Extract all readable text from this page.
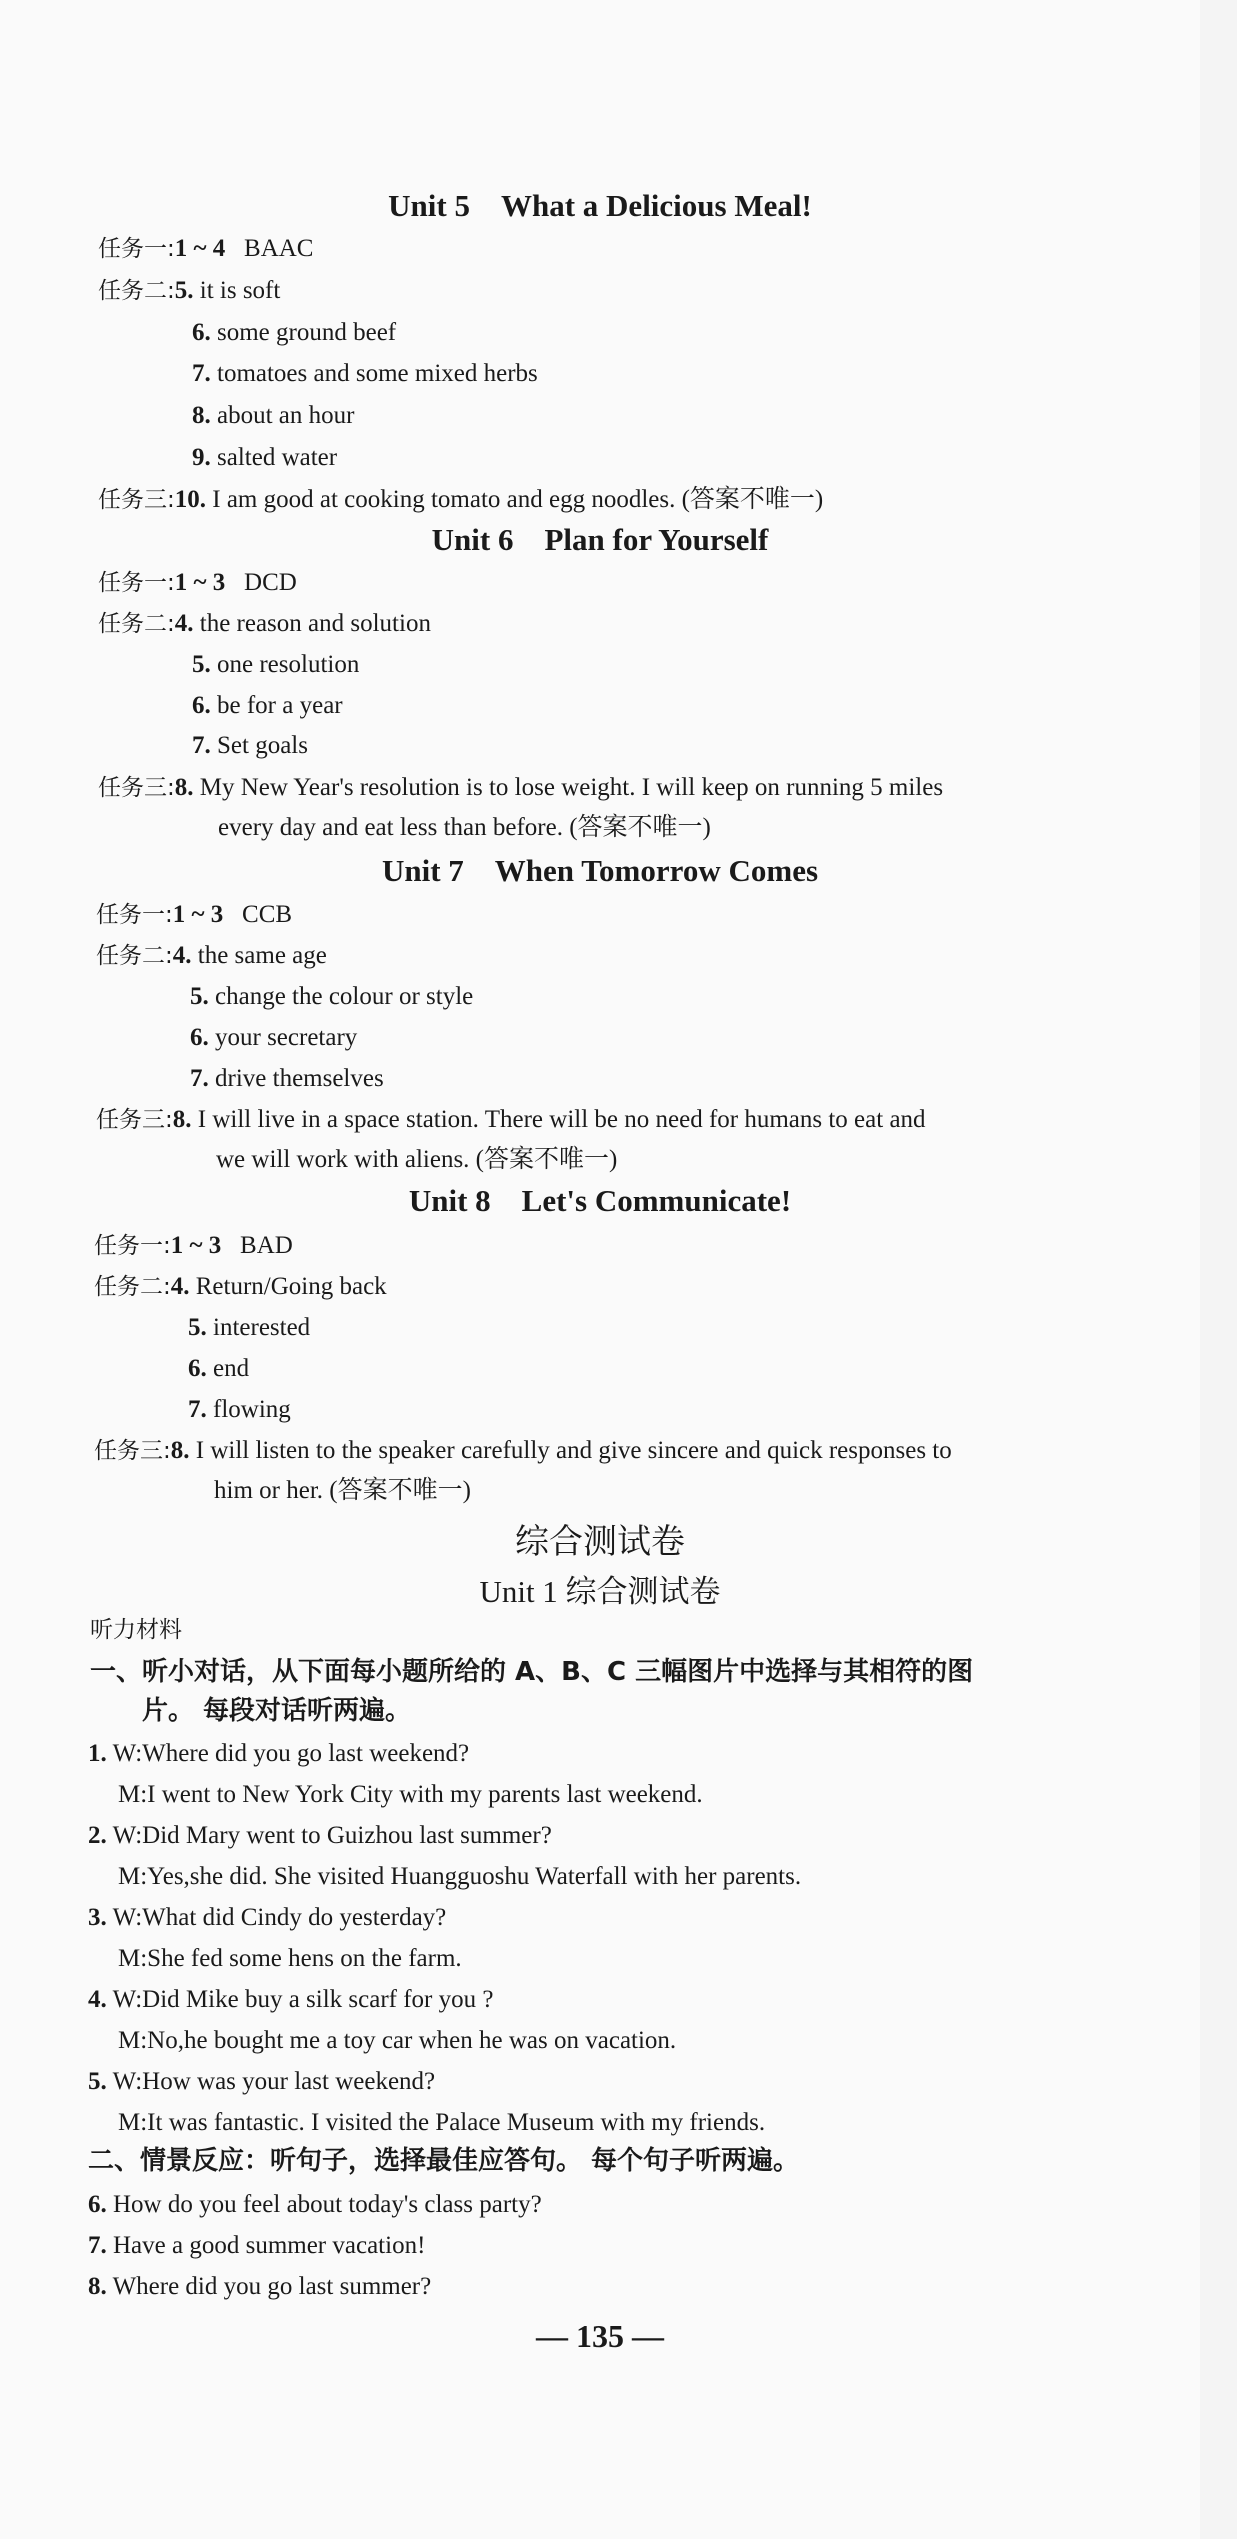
Unit 5 What a Delicious Meal!
任务一:1 ~ 4 BAAC
任务二:5. it is soft
6. some ground beef
7. tomatoes and some mixed herbs
8. about an hour
9. salted water
任务三:10. I am good at cooking tomato and egg noodles. (答案不唯一)
Unit 6 Plan for Yourself
任务一:1 ~ 3 DCD
任务二:4. the reason and solution
5. one resolution
6. be for a year
7. Set goals
任务三:8. My New Year's resolution is to lose weight. I will keep on running 5 miles
every day and eat less than before. (答案不唯一)
Unit 7 When Tomorrow Comes
任务一:1 ~ 3 CCB
任务二:4. the same age
5. change the colour or style
6. your secretary
7. drive themselves
任务三:8. I will live in a space station. There will be no need for humans to eat and
we will work with aliens. (答案不唯一)
Unit 8 Let's Communicate!
任务一:1 ~ 3 BAD
任务二:4. Return/Going back
5. interested
6. end
7. flowing
任务三:8. I will listen to the speaker carefully and give sincere and quick responses to
him or her. (答案不唯一)
综合测试卷
Unit 1 综合测试卷
听力材料
一、听小对话，从下面每小题所给的 A、B、C 三幅图片中选择与其相符的图
片。 每段对话听两遍。
1. W:Where did you go last weekend?
M:I went to New York City with my parents last weekend.
2. W:Did Mary went to Guizhou last summer?
M:Yes,she did. She visited Huangguoshu Waterfall with her parents.
3. W:What did Cindy do yesterday?
M:She fed some hens on the farm.
4. W:Did Mike buy a silk scarf for you ?
M:No,he bought me a toy car when he was on vacation.
5. W:How was your last weekend?
M:It was fantastic. I visited the Palace Museum with my friends.
二、情景反应：听句子，选择最佳应答句。 每个句子听两遍。
6. How do you feel about today's class party?
7. Have a good summer vacation!
8. Where did you go last summer?
— 135 —
